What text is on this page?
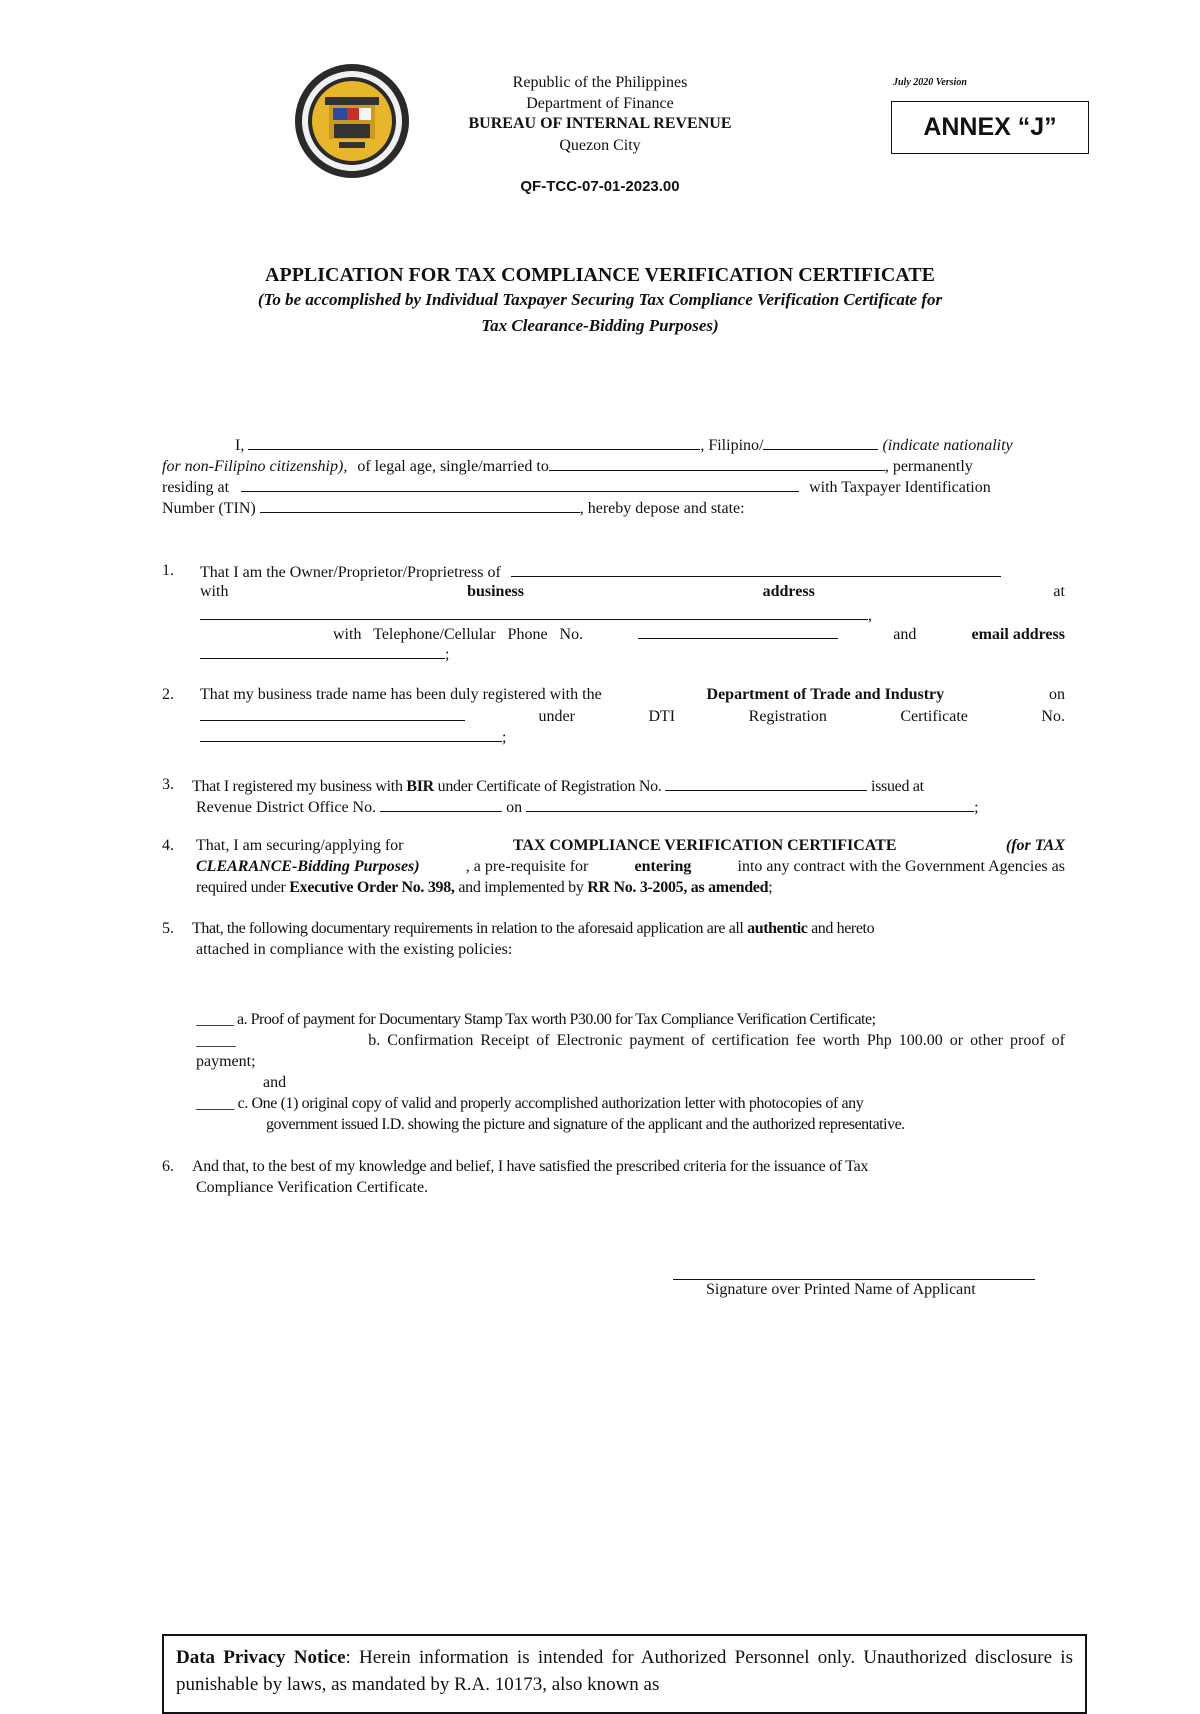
Republic of the Philippines
Department of Finance
BUREAU OF INTERNAL REVENUE
Quezon City
July 2020 Version
ANNEX “J”
QF-TCC-07-01-2023.00
APPLICATION FOR TAX COMPLIANCE VERIFICATION CERTIFICATE
(To be accomplished by Individual Taxpayer Securing Tax Compliance Verification Certificate for
Tax Clearance-Bidding Purposes)
I,	, Filipino/	(indicate nationality
for non-Filipino citizenship), of legal age, single/married to	, permanently
residing at	with Taxpayer Identification
Number (TIN)	, hereby depose and state:
1. That I am the Owner/Proprietor/Proprietress of
with	business	address	at
,
with Telephone/Cellular Phone No.	and	email address
;
2. That my business trade name has been duly registered with the	Department of Trade and Industry	on
under	DTI	Registration	Certificate	No.
;
3. That I registered my business with BIR under Certificate of Registration No.	issued at
Revenue District Office No.	on	;
4. That, I am securing/applying for	TAX COMPLIANCE VERIFICATION CERTIFICATE	(for TAX
CLEARANCE-Bidding Purposes)	, a pre-requisite for	entering	into any contract with the Government Agencies as
required under Executive Order No. 398, and implemented by RR No. 3-2005, as amended;
5. That, the following documentary requirements in relation to the aforesaid application are all authentic and hereto
attached in compliance with the existing policies:
_____ a. Proof of payment for Documentary Stamp Tax worth P30.00 for Tax Compliance Verification Certificate;
_____	b. Confirmation Receipt of Electronic payment of certification fee worth Php 100.00 or other proof of
payment;
and
_____ c. One (1) original copy of valid and properly accomplished authorization letter with photocopies of any
government issued I.D. showing the picture and signature of the applicant and the authorized representative.
6. And that, to the best of my knowledge and belief, I have satisfied the prescribed criteria for the issuance of Tax
Compliance Verification Certificate.
Signature over Printed Name of Applicant
Data Privacy Notice: Herein information is intended for Authorized Personnel only. Unauthorized disclosure is punishable by laws, as mandated by R.A. 10173, also known as
